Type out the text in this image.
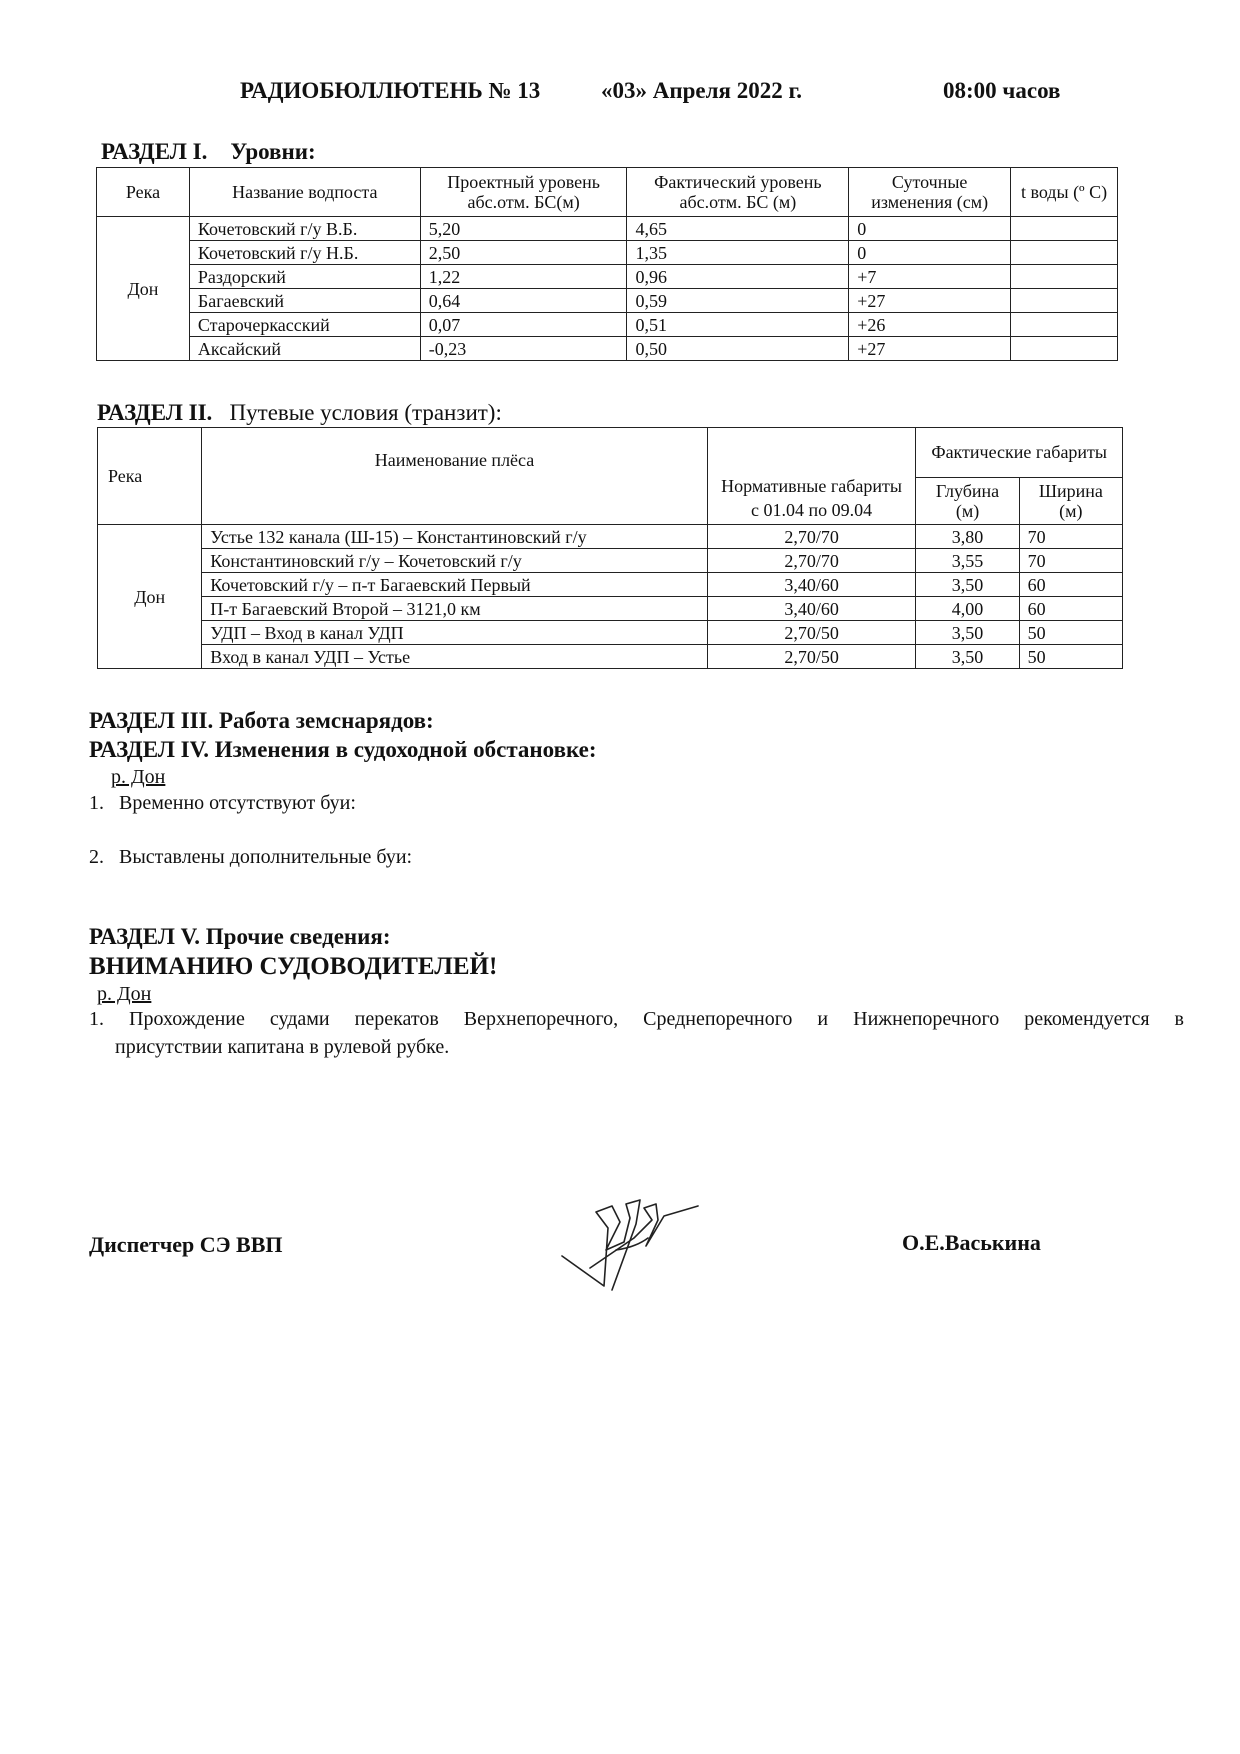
РАДИОБЮЛЛЮТЕНЬ № 13	«03» Апреля 2022 г.	08:00 часов
РАЗДЕЛ I. Уровни:
Река	Название водпоста	Проектный уровень абс.отм. БС(м)	Фактический уровень абс.отм. БС (м)	Суточные изменения (см)	t воды (º С)
Дон	Кочетовский г/у В.Б.	5,20	4,65	0	
	Кочетовский г/у Н.Б.	2,50	1,35	0	
	Раздорский	1,22	0,96	+7	
	Багаевский	0,64	0,59	+27	
	Старочеркасский	0,07	0,51	+26	
	Аксайский	-0,23	0,50	+27	
РАЗДЕЛ II. Путевые условия (транзит):
Река	Наименование плёса	Нормативные габариты с 01.04 по 09.04	Фактические габариты	
			Глубина (м)	Ширина (м)
Дон	Устье 132 канала (Ш-15) – Константиновский г/у	2,70/70	3,80	70
	Константиновский г/у – Кочетовский г/у	2,70/70	3,55	70
	Кочетовский г/у – п-т Багаевский Первый	3,40/60	3,50	60
	П-т Багаевский Второй – 3121,0 км	3,40/60	4,00	60
	УДП – Вход в канал УДП	2,70/50	3,50	50
	Вход в канал УДП – Устье	2,70/50	3,50	50
РАЗДЕЛ III. Работа земснарядов:
РАЗДЕЛ IV. Изменения в судоходной обстановке:
р. Дон
1.   Временно отсутствуют буи:
2.   Выставлены дополнительные буи:
РАЗДЕЛ V. Прочие сведения:
ВНИМАНИЮ СУДОВОДИТЕЛЕЙ!
р. Дон
1. Прохождение судами перекатов Верхнепоречного, Среднепоречного и Нижнепоречного рекомендуется в
присутствии капитана в рулевой рубке.
Диспетчер СЭ ВВП	О.Е.Васькина
